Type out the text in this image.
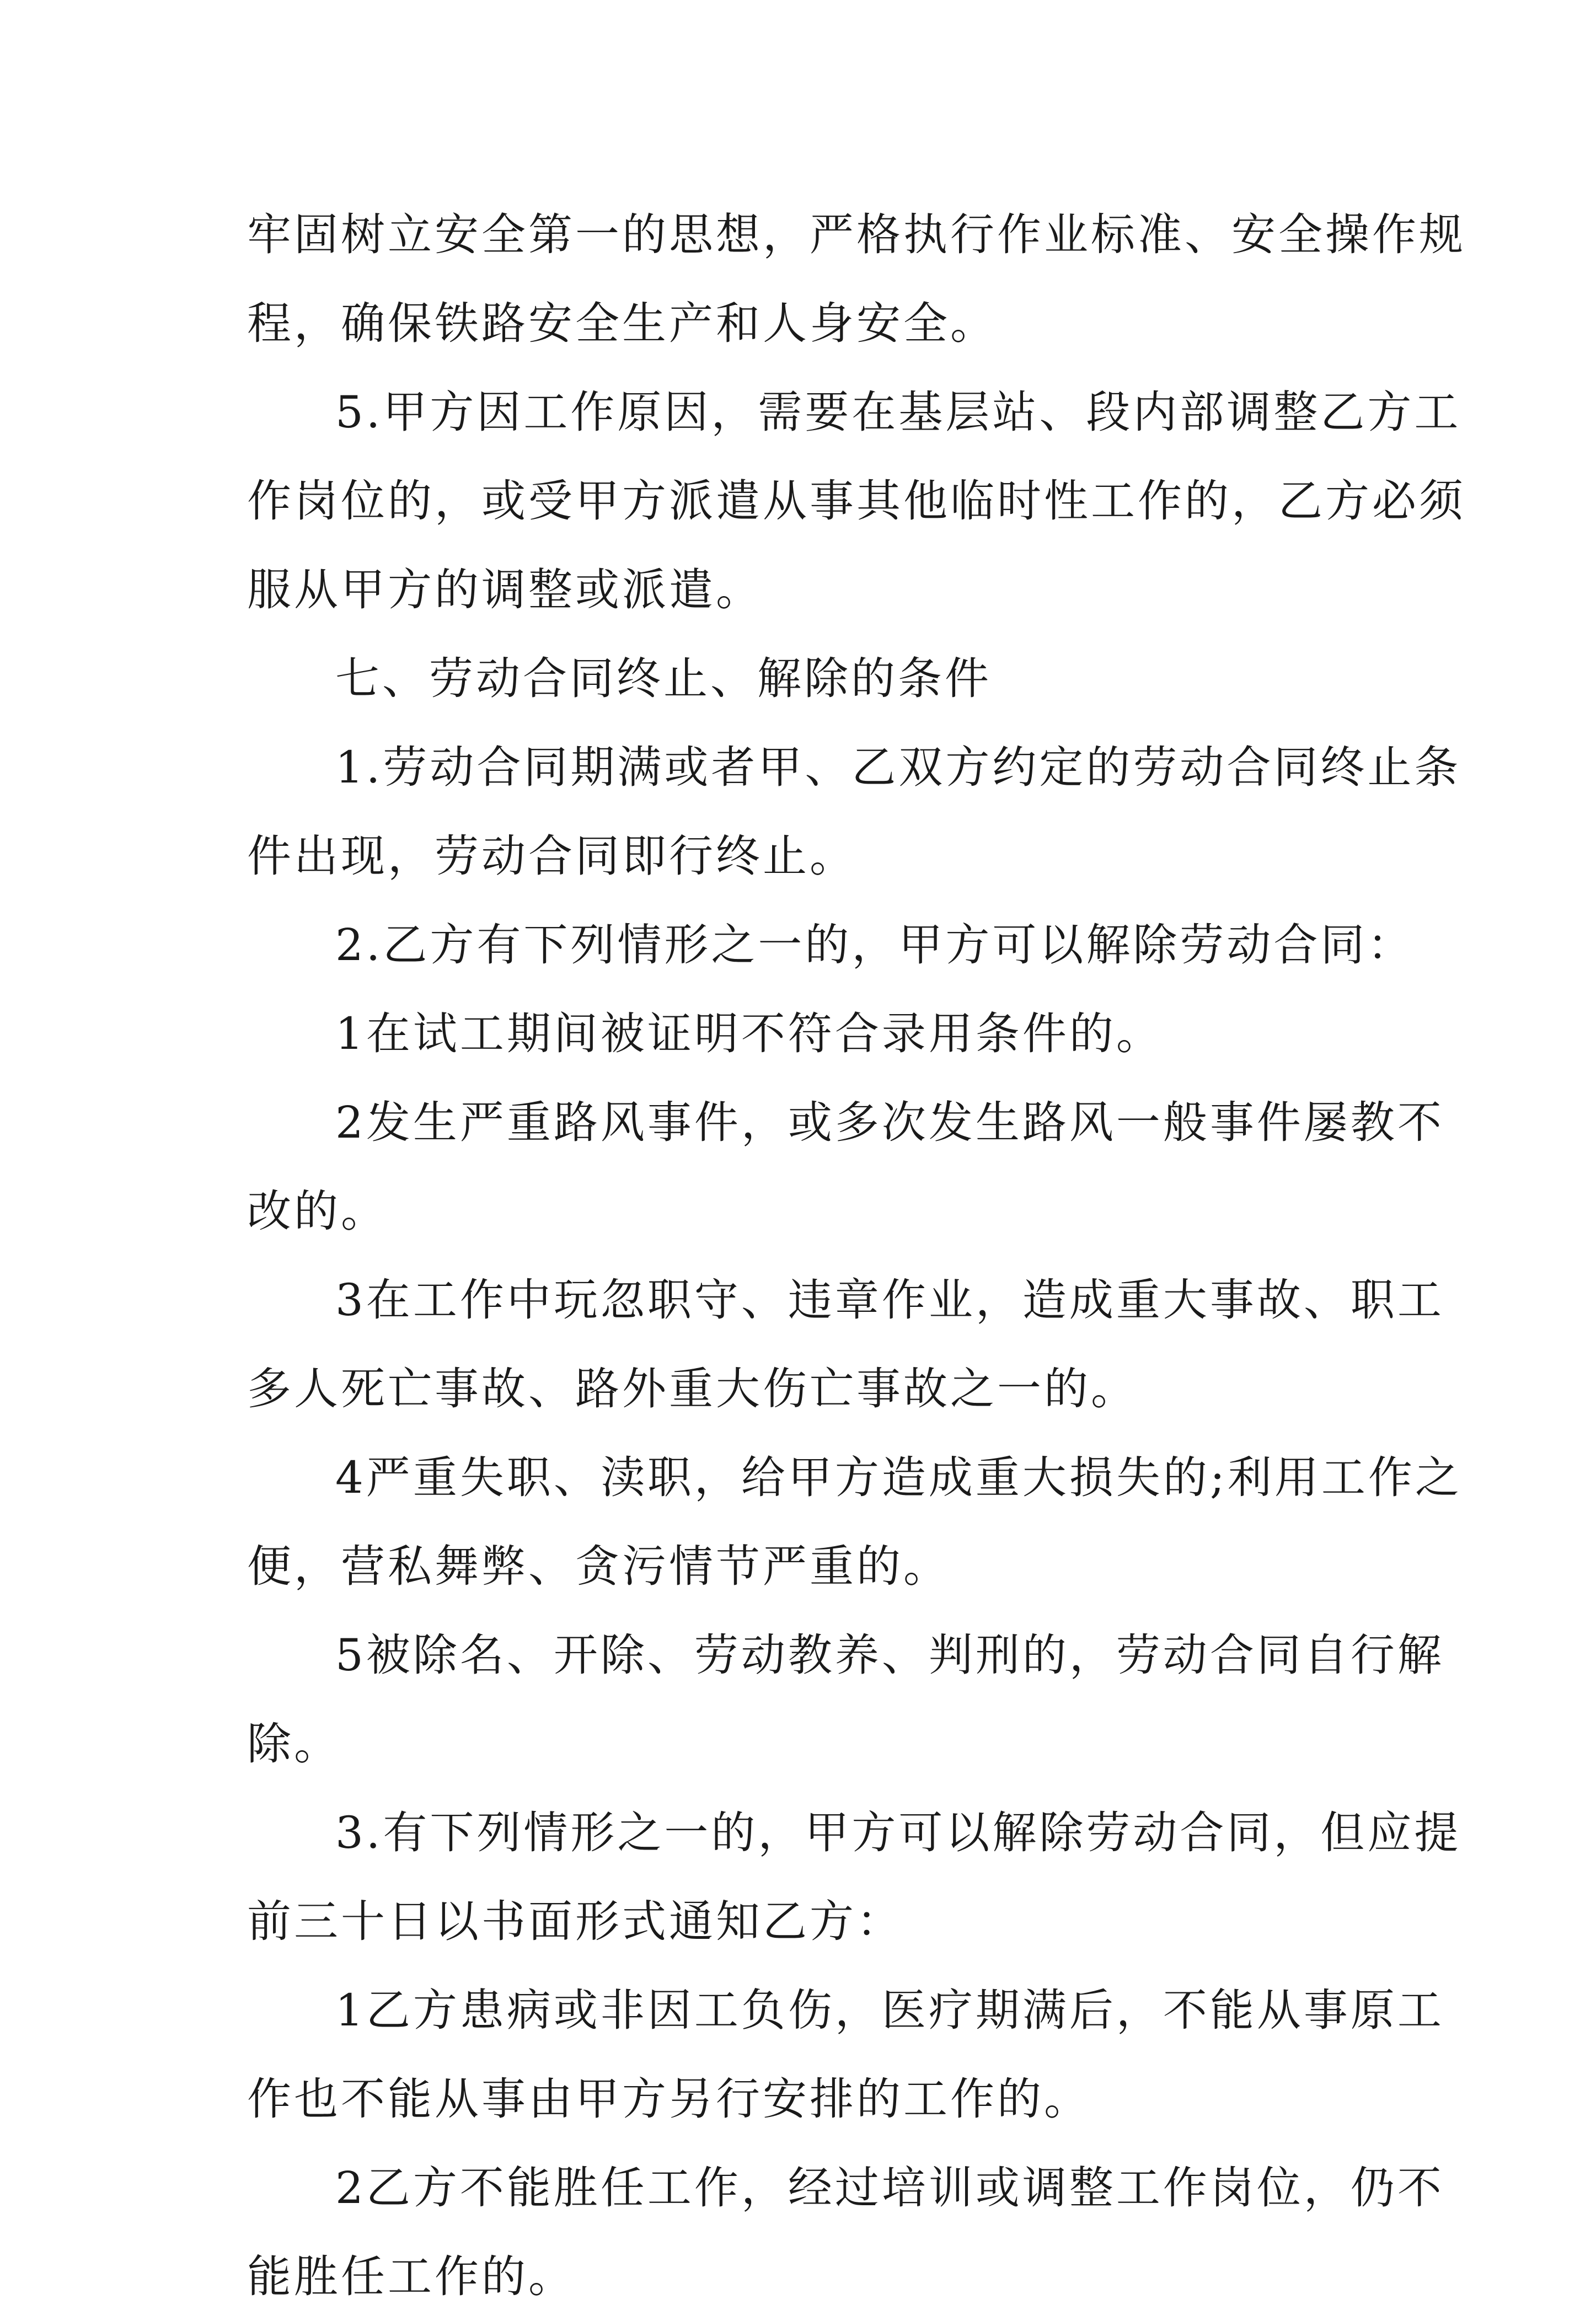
牢固树立安全第一的思想，严格执行作业标准、安全操作规
程，确保铁路安全生产和人身安全。
5.甲方因工作原因，需要在基层站、段内部调整乙方工
作岗位的，或受甲方派遣从事其他临时性工作的，乙方必须
服从甲方的调整或派遣。
七、劳动合同终止、解除的条件
1.劳动合同期满或者甲、乙双方约定的劳动合同终止条
件出现，劳动合同即行终止。
2.乙方有下列情形之一的，甲方可以解除劳动合同：
1在试工期间被证明不符合录用条件的。
2发生严重路风事件，或多次发生路风一般事件屡教不
改的。
3在工作中玩忽职守、违章作业，造成重大事故、职工
多人死亡事故、路外重大伤亡事故之一的。
4严重失职、渎职，给甲方造成重大损失的;利用工作之
便，营私舞弊、贪污情节严重的。
5被除名、开除、劳动教养、判刑的，劳动合同自行解
除。
3.有下列情形之一的，甲方可以解除劳动合同，但应提
前三十日以书面形式通知乙方：
1乙方患病或非因工负伤，医疗期满后，不能从事原工
作也不能从事由甲方另行安排的工作的。
2乙方不能胜任工作，经过培训或调整工作岗位，仍不
能胜任工作的。
